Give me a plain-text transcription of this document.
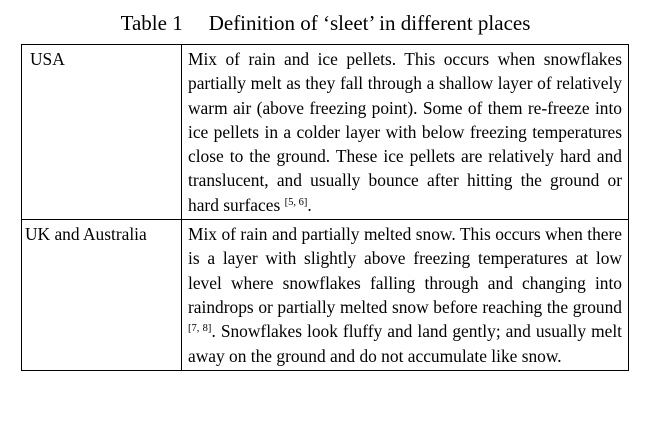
Table 1 Definition of ‘sleet’ in different places
USA	Mix of rain and ice pellets. This occurs when snowflakes partially melt as they fall through a shallow layer of relatively warm air (above freezing point). Some of them re-freeze into ice pellets in a colder layer with below freezing temperatures close to the ground. These ice pellets are relatively hard and translucent, and usually bounce after hitting the ground or hard surfaces [5, 6].
UK and Australia	Mix of rain and partially melted snow. This occurs when there is a layer with slightly above freezing temperatures at low level where snowflakes falling through and changing into raindrops or partially melted snow before reaching the ground [7, 8]. Snowflakes look fluffy and land gently; and usually melt away on the ground and do not accumulate like snow.
